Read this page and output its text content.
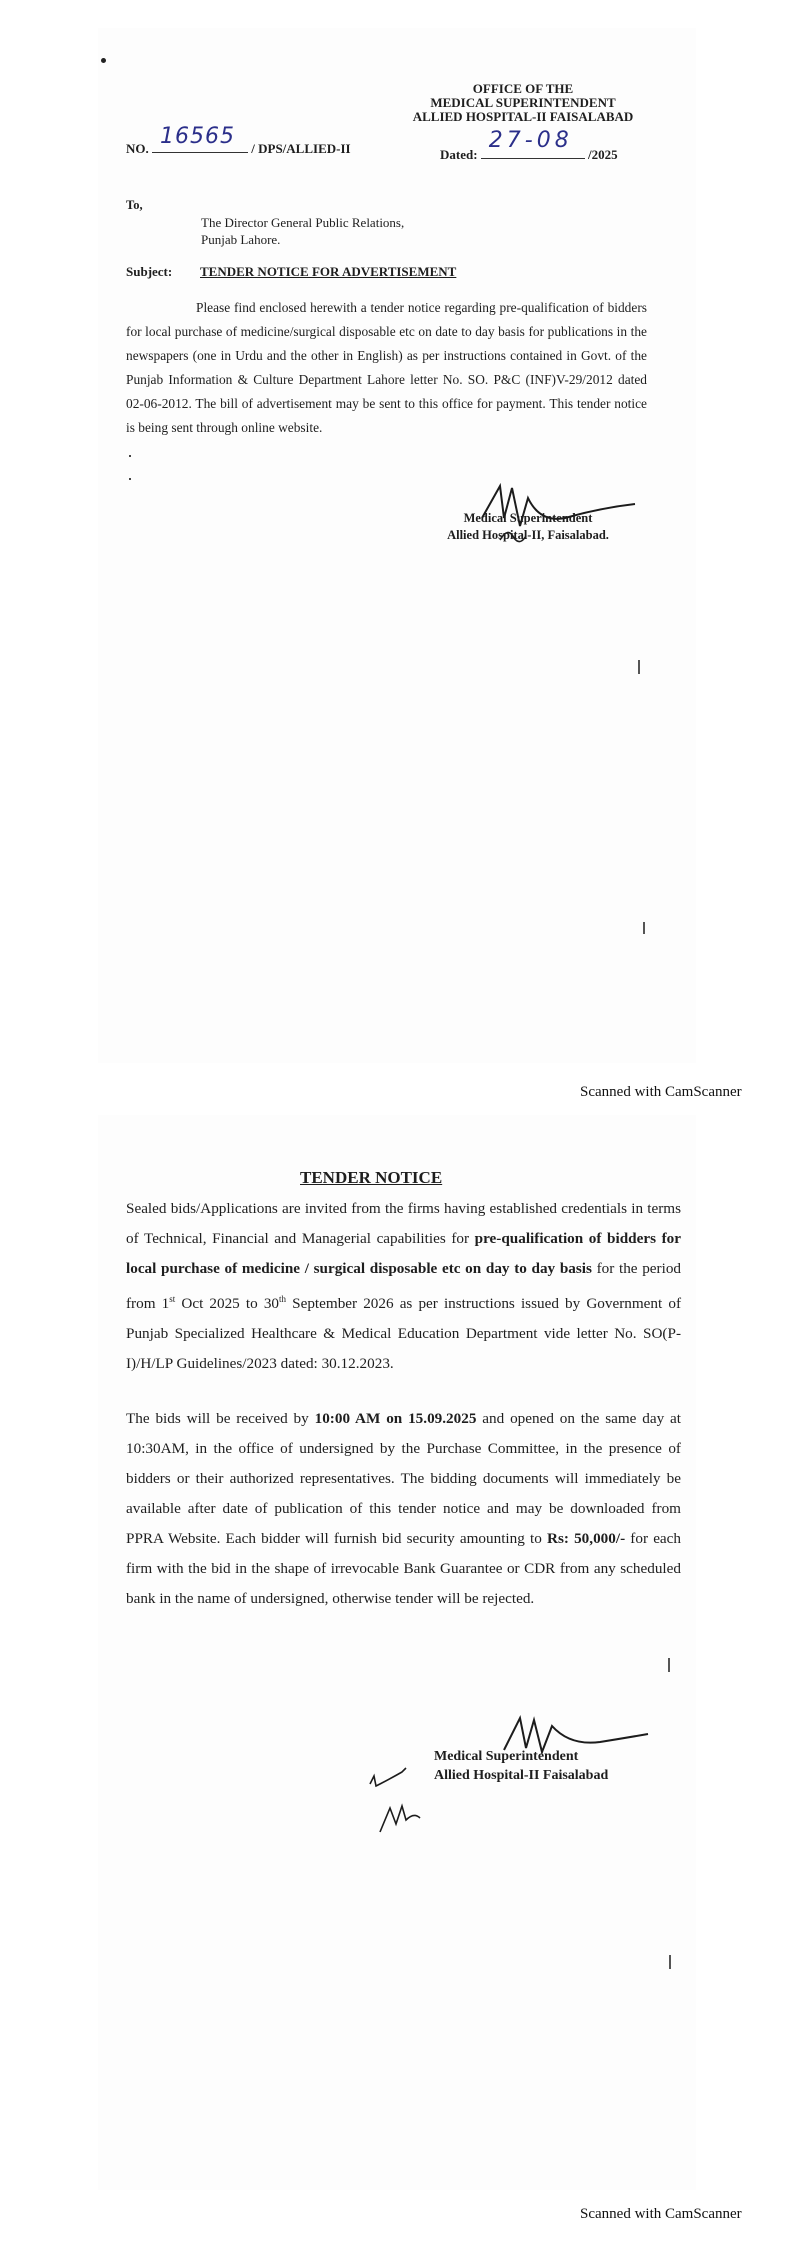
OFFICE OF THE
MEDICAL SUPERINTENDENT
ALLIED HOSPITAL-II FAISALABAD
NO. 16565 / DPS/ALLIED-II	Dated:
27-08
/2025
To,
The Director General Public Relations,
Punjab Lahore.
Subject: TENDER NOTICE FOR ADVERTISEMENT
Please find enclosed herewith a tender notice regarding pre-qualification of bidders for local purchase of medicine/surgical disposable etc on date to day basis for publications in the newspapers (one in Urdu and the other in English) as per instructions contained in Govt. of the Punjab Information & Culture Department Lahore letter No. SO. P&C (INF)V-29/2012 dated 02-06-2012. The bill of advertisement may be sent to this office for payment. This tender notice is being sent through online website.
Medical Superintendent
Allied Hospital-II, Faisalabad.
Scanned with CamScanner
TENDER NOTICE
Sealed bids/Applications are invited from the firms having established credentials in terms of Technical, Financial and Managerial capabilities for pre-qualification of bidders for local purchase of medicine / surgical disposable etc on day to day basis for the period from 1st Oct 2025 to 30th September 2026 as per instructions issued by Government of Punjab Specialized Healthcare & Medical Education Department vide letter No. SO(P-I)/H/LP Guidelines/2023 dated: 30.12.2023.
The bids will be received by 10:00 AM on 15.09.2025 and opened on the same day at 10:30AM, in the office of undersigned by the Purchase Committee, in the presence of bidders or their authorized representatives. The bidding documents will immediately be available after date of publication of this tender notice and may be downloaded from PPRA Website. Each bidder will furnish bid security amounting to Rs: 50,000/- for each firm with the bid in the shape of irrevocable Bank Guarantee or CDR from any scheduled bank in the name of undersigned, otherwise tender will be rejected.
Medical Superintendent
Allied Hospital-II Faisalabad
Scanned with CamScanner
